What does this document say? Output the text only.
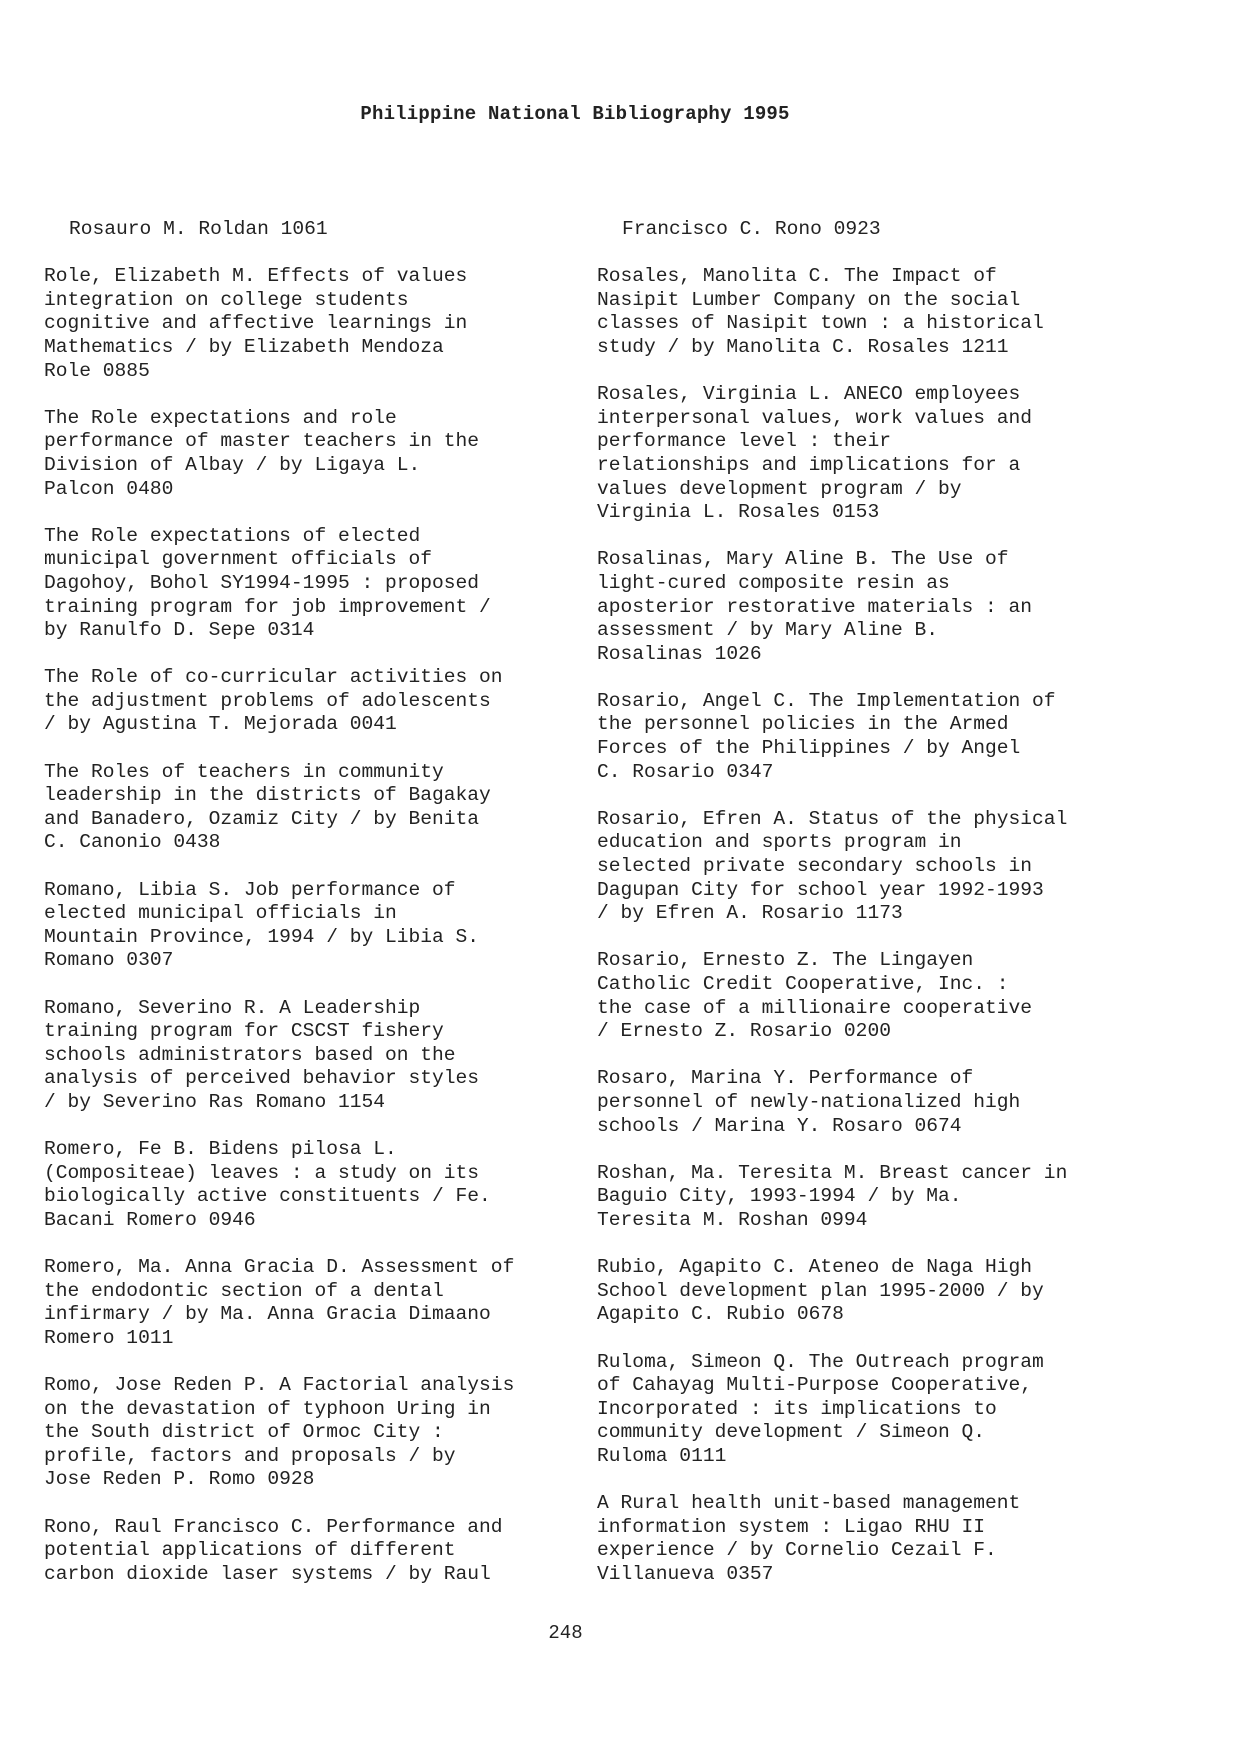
Philippine National Bibliography 1995
Rosauro M. Roldan 1061
Role, Elizabeth M. Effects of values
integration on college students
cognitive and affective learnings in
Mathematics / by Elizabeth Mendoza
Role 0885
The Role expectations and role
performance of master teachers in the
Division of Albay / by Ligaya L.
Palcon 0480
The Role expectations of elected
municipal government officials of
Dagohoy, Bohol SY1994-1995 : proposed
training program for job improvement /
by Ranulfo D. Sepe 0314
The Role of co-curricular activities on
the adjustment problems of adolescents
/ by Agustina T. Mejorada 0041
The Roles of teachers in community
leadership in the districts of Bagakay
and Banadero, Ozamiz City / by Benita
C. Canonio 0438
Romano, Libia S. Job performance of
elected municipal officials in
Mountain Province, 1994 / by Libia S.
Romano 0307
Romano, Severino R. A Leadership
training program for CSCST fishery
schools administrators based on the
analysis of perceived behavior styles
/ by Severino Ras Romano 1154
Romero, Fe B. Bidens pilosa L.
(Compositeae) leaves : a study on its
biologically active constituents / Fe.
Bacani Romero 0946
Romero, Ma. Anna Gracia D. Assessment of
the endodontic section of a dental
infirmary / by Ma. Anna Gracia Dimaano
Romero 1011
Romo, Jose Reden P. A Factorial analysis
on the devastation of typhoon Uring in
the South district of Ormoc City :
profile, factors and proposals / by
Jose Reden P. Romo 0928
Rono, Raul Francisco C. Performance and
potential applications of different
carbon dioxide laser systems / by Raul
Francisco C. Rono 0923
Rosales, Manolita C. The Impact of
Nasipit Lumber Company on the social
classes of Nasipit town : a historical
study / by Manolita C. Rosales 1211
Rosales, Virginia L. ANECO employees
interpersonal values, work values and
performance level : their
relationships and implications for a
values development program / by
Virginia L. Rosales 0153
Rosalinas, Mary Aline B. The Use of
light-cured composite resin as
aposterior restorative materials : an
assessment / by Mary Aline B.
Rosalinas 1026
Rosario, Angel C. The Implementation of
the personnel policies in the Armed
Forces of the Philippines / by Angel
C. Rosario 0347
Rosario, Efren A. Status of the physical
education and sports program in
selected private secondary schools in
Dagupan City for school year 1992-1993
/ by Efren A. Rosario 1173
Rosario, Ernesto Z. The Lingayen
Catholic Credit Cooperative, Inc. :
the case of a millionaire cooperative
/ Ernesto Z. Rosario 0200
Rosaro, Marina Y. Performance of
personnel of newly-nationalized high
schools / Marina Y. Rosaro 0674
Roshan, Ma. Teresita M. Breast cancer in
Baguio City, 1993-1994 / by Ma.
Teresita M. Roshan 0994
Rubio, Agapito C. Ateneo de Naga High
School development plan 1995-2000 / by
Agapito C. Rubio 0678
Ruloma, Simeon Q. The Outreach program
of Cahayag Multi-Purpose Cooperative,
Incorporated : its implications to
community development / Simeon Q.
Ruloma 0111
A Rural health unit-based management
information system : Ligao RHU II
experience / by Cornelio Cezail F.
Villanueva 0357
248
